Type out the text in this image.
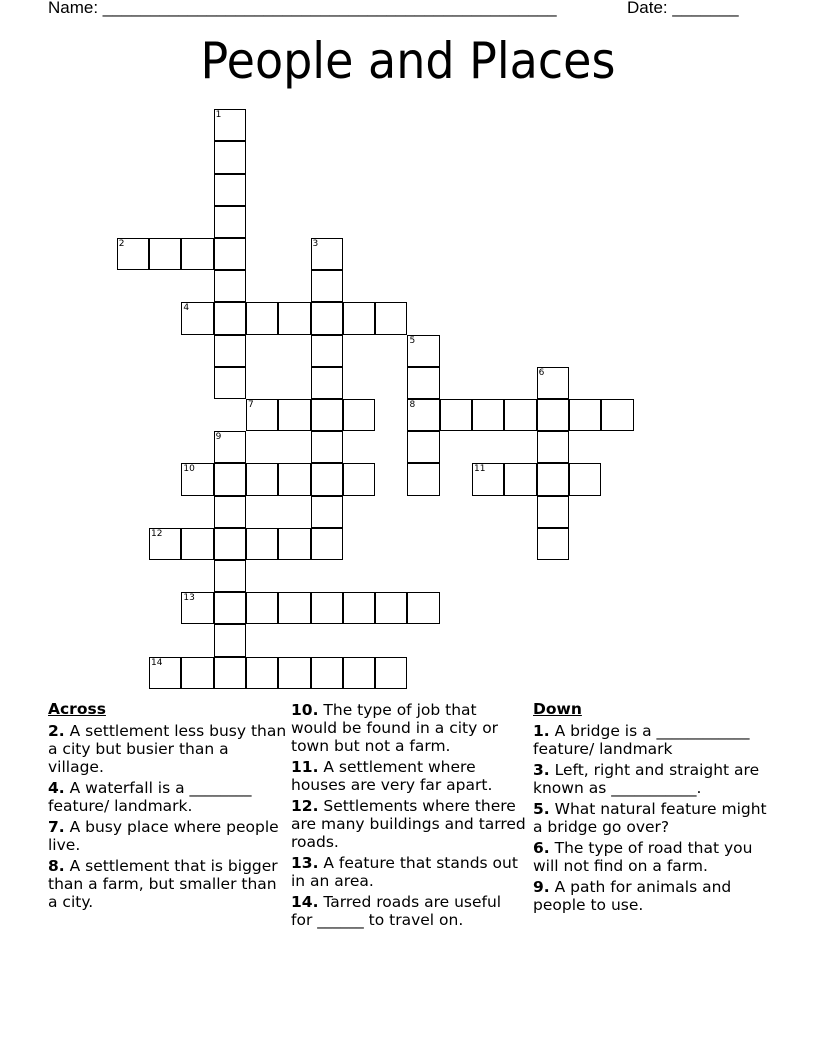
Name: ________________________________________________	Date: _______
People and Places
1
2	3
4
5
8
6
7
9
10	11
12
13
14
Across
2. A settlement less busy than a city but busier than a village.
4. A waterfall is a ________ feature/ landmark.
7. A busy place where people live.
8. A settlement that is bigger than a farm, but smaller than a city.
10. The type of job that would be found in a city or town but not a farm.
11. A settlement where houses are very far apart.
12. Settlements where there are many buildings and tarred roads.
13. A feature that stands out in an area.
14. Tarred roads are useful for ______ to travel on.
Down
1. A bridge is a ____________ feature/ landmark
3. Left, right and straight are known as ___________.
5. What natural feature might a bridge go over?
6. The type of road that you will not find on a farm.
9. A path for animals and people to use.
